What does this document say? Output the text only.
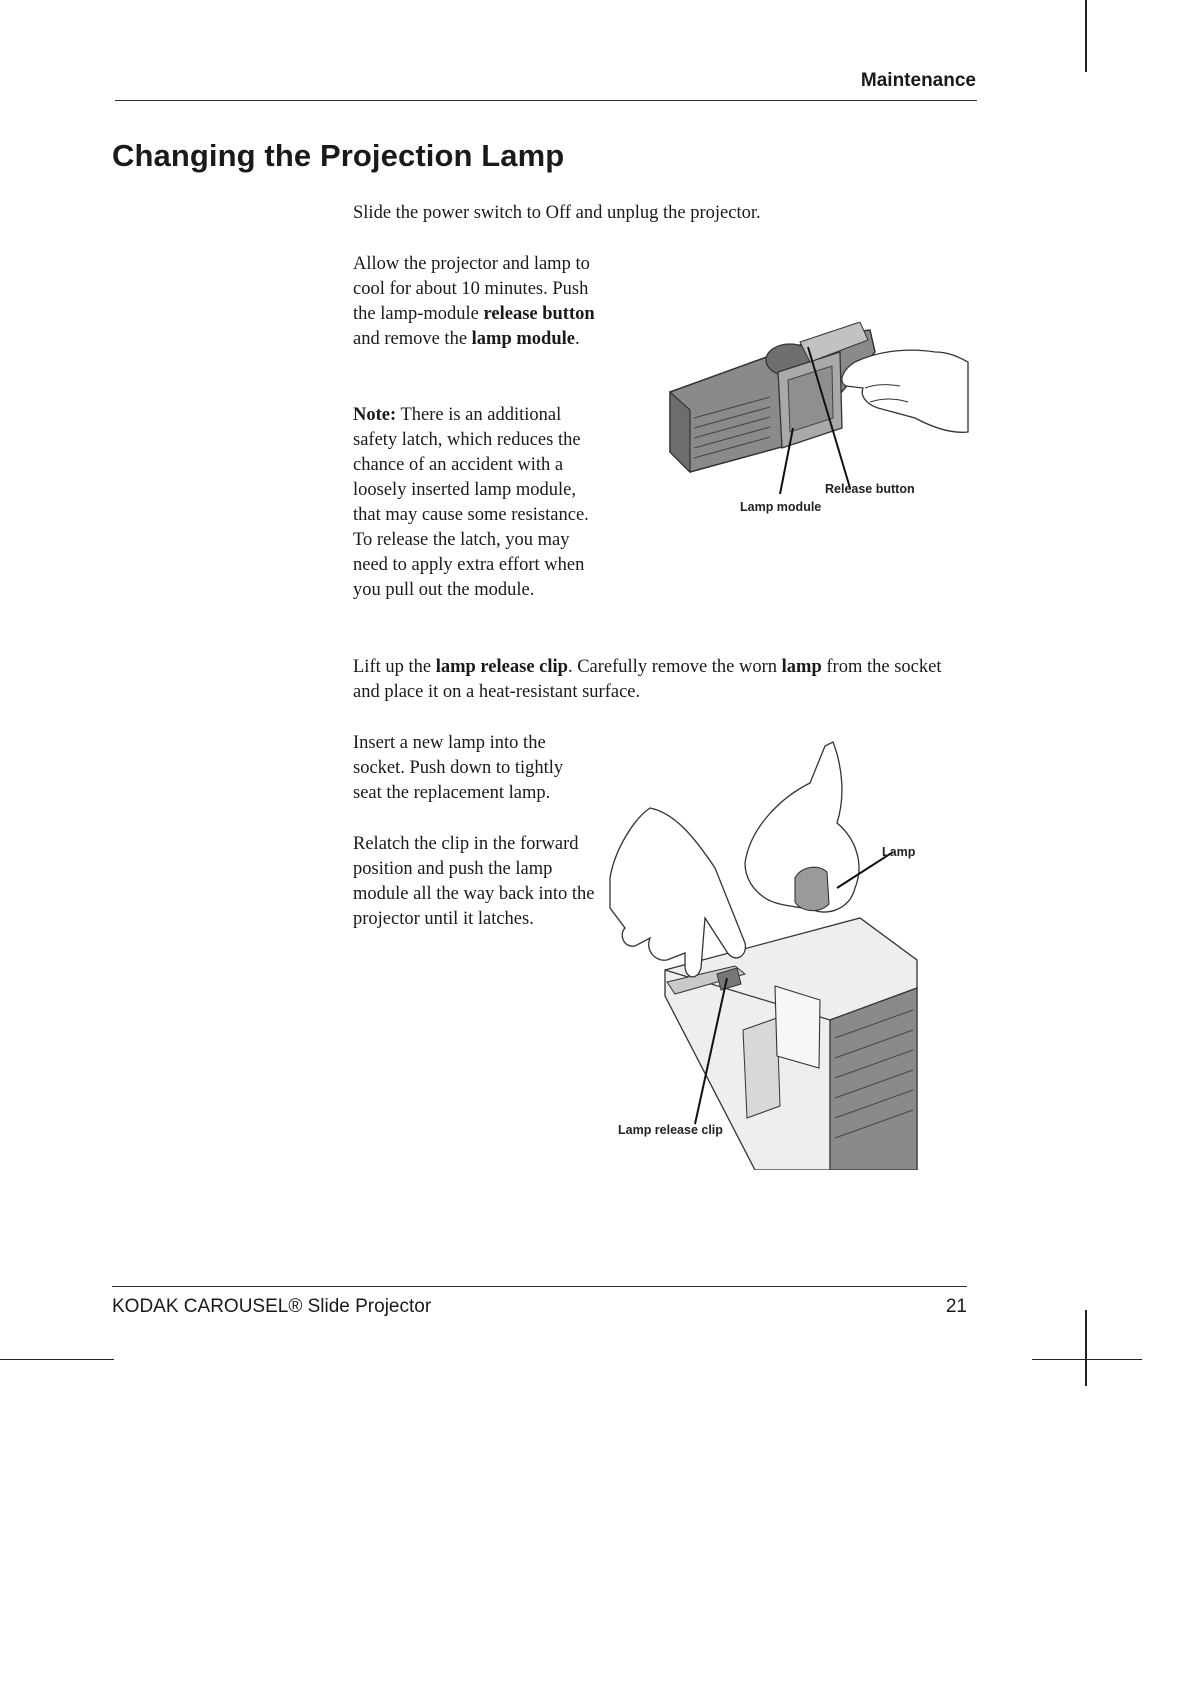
Maintenance
Changing the Projection Lamp
Slide the power switch to Off and unplug the projector.
Allow the projector and lamp to cool for about 10 minutes. Push the lamp-module release button and remove the lamp module.
Note: There is an additional safety latch, which reduces the chance of an accident with a loosely inserted lamp module, that may cause some resistance. To release the latch, you may need to apply extra effort when you pull out the module.
Release button
Lamp module
Lift up the lamp release clip. Carefully remove the worn lamp from the socket and place it on a heat-resistant surface.
Insert a new lamp into the socket. Push down to tightly seat the replacement lamp.
Relatch the clip in the forward position and push the lamp module all the way back into the projector until it latches.
Lamp
Lamp release clip
KODAK CAROUSEL® Slide Projector	21
